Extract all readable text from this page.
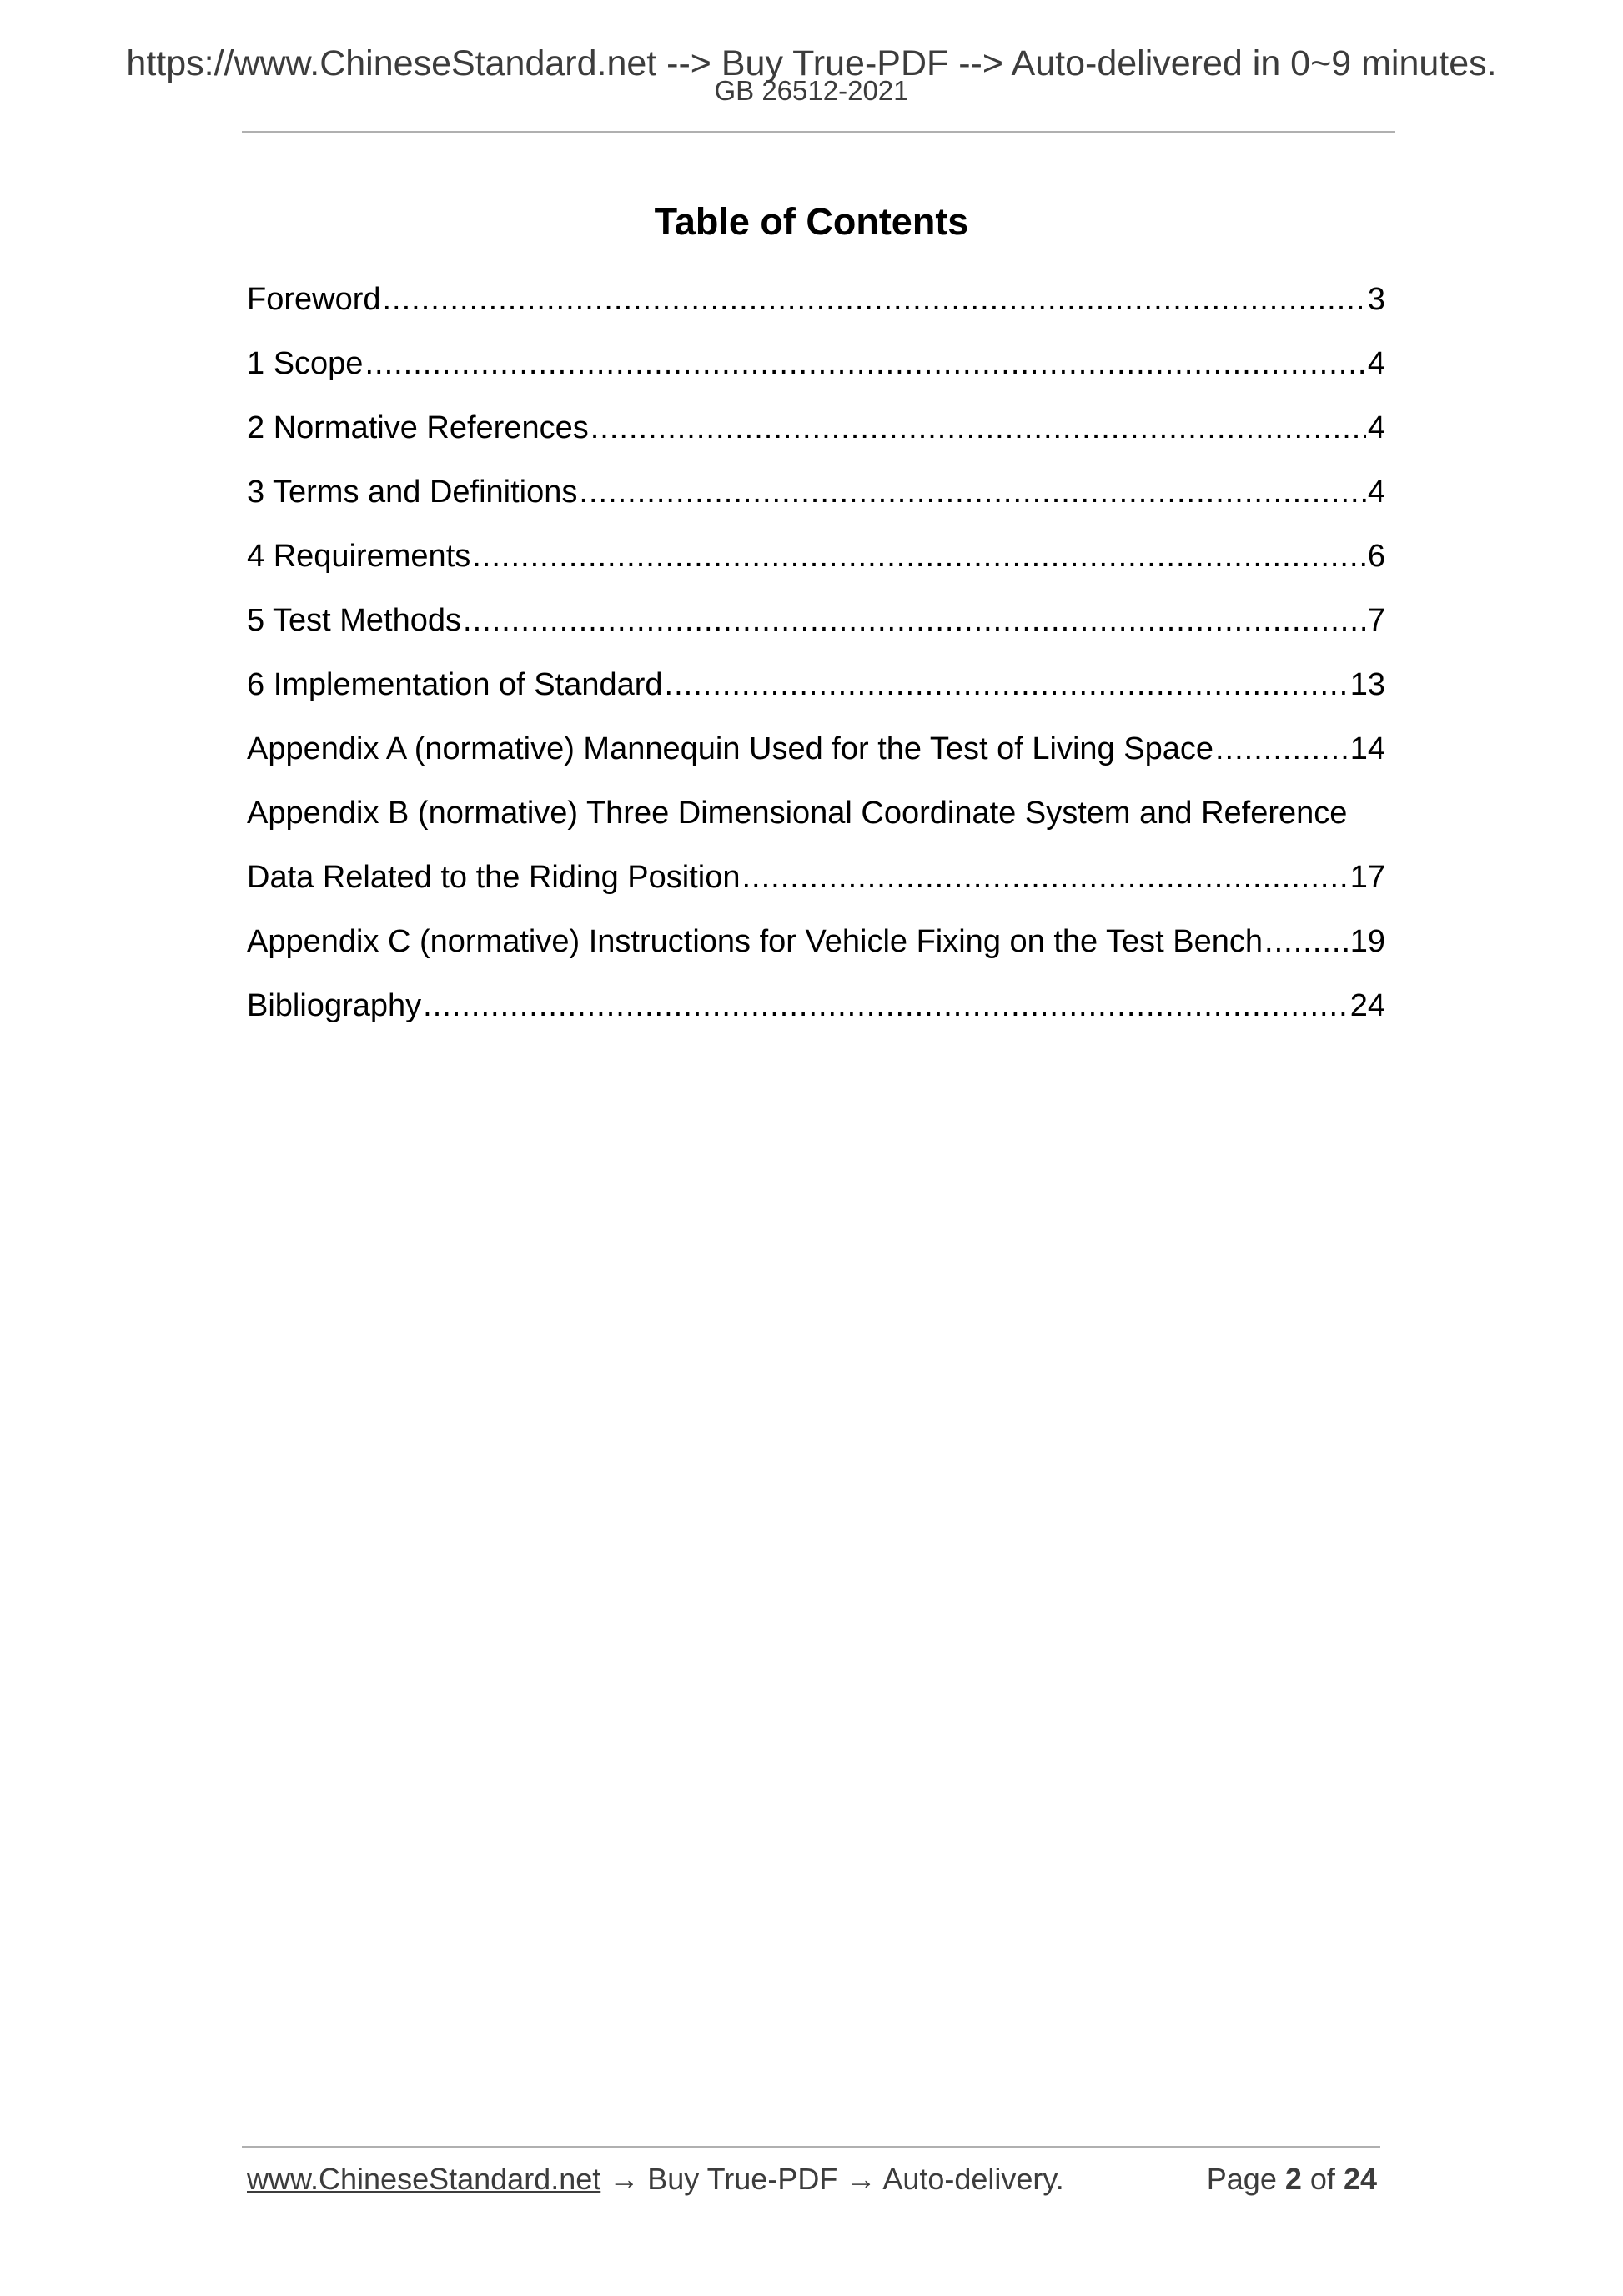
https://www.ChineseStandard.net --> Buy True-PDF --> Auto-delivered in 0~9 minutes.
GB 26512-2021
Table of Contents
Foreword .....	3
1 Scope .....	4
2 Normative References .....	4
3 Terms and Definitions .....	4
4 Requirements .....	6
5 Test Methods .....	7
6 Implementation of Standard .....	13
Appendix A (normative) Mannequin Used for the Test of Living Space .....	14
Appendix B (normative) Three Dimensional Coordinate System and Reference
Data Related to the Riding Position .....	17
Appendix C (normative) Instructions for Vehicle Fixing on the Test Bench .....	19
Bibliography .....	24
www.ChineseStandard.net → Buy True-PDF → Auto-delivery.	Page 2 of 24
